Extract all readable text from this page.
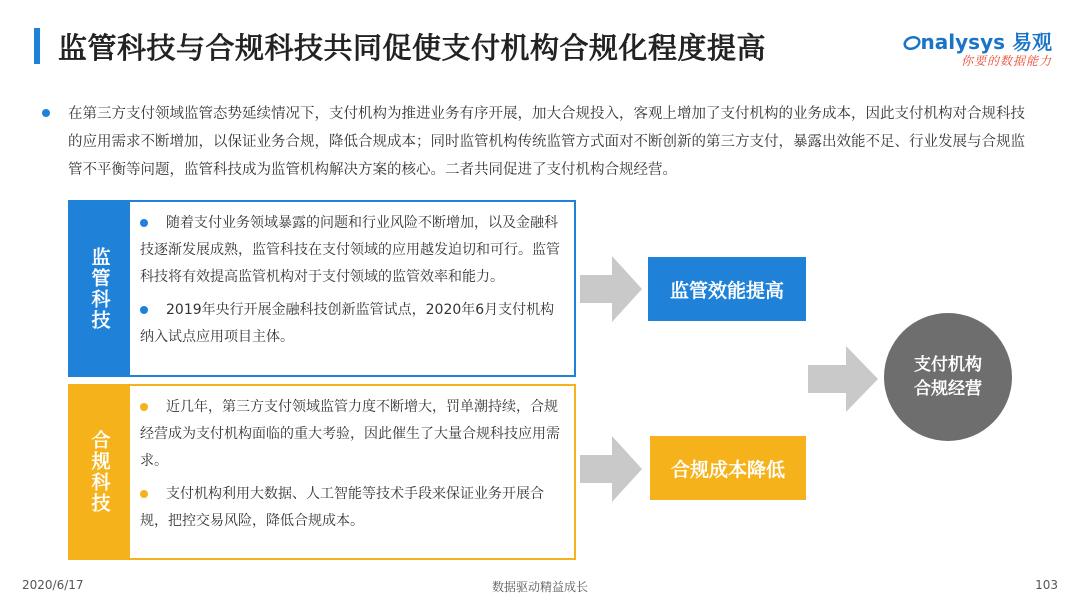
监管科技与合规科技共同促使支付机构合规化程度提高	nalysys 易观
你要的数据能力

在第三方支付领域监管态势延续情况下，支付机构为推进业务有序开展，加大合规投入，客观上增加了支付机构的业务成本，因此支付机构对合规科技的应用需求不断增加，以保证业务合规，降低合规成本；同时监管机构传统监管方式面对不断创新的第三方支付，暴露出效能不足、行业发展与合规监管不平衡等问题，监管科技成为监管机构解决方案的核心。二者共同促进了支付机构合规经营。

监管科技

随着支付业务领域暴露的问题和行业风险不断增加，以及金融科技逐渐发展成熟，监管科技在支付领域的应用越发迫切和可行。监管科技将有效提高监管机构对于支付领域的监管效率和能力。

2019年央行开展金融科技创新监管试点，2020年6月支付机构纳入试点应用项目主体。

合规科技

近几年，第三方支付领域监管力度不断增大，罚单潮持续，合规经营成为支付机构面临的重大考验，因此催生了大量合规科技应用需求。

支付机构利用大数据、人工智能等技术手段来保证业务开展合规，把控交易风险，降低合规成本。

监管效能提高
合规成本降低
支付机构
合规经营
数据驱动精益成长
2020/6/17	103
